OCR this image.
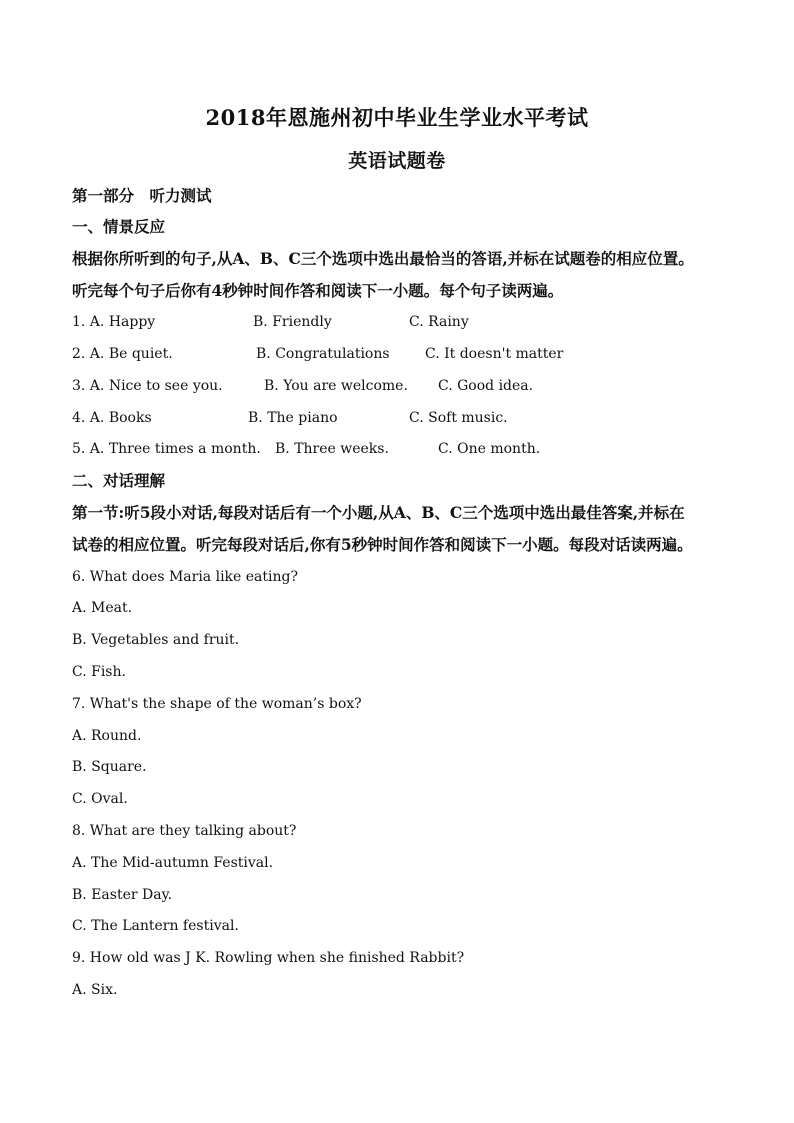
2018年恩施州初中毕业生学业水平考试
英语试题卷
第一部分　听力测试
一、情景反应
根据你所听到的句子,从A、B、C三个选项中选出最恰当的答语,并标在试题卷的相应位置。
听完每个句子后你有4秒钟时间作答和阅读下一小题。每个句子读两遍。
1. A. Happy	B. Friendly	C. Rainy
2. A. Be quiet.	B. Congratulations	C. It doesn't matter
3. A. Nice to see you.	B. You are welcome. C. Good idea.
4. A. Books	B. The piano	C. Soft music.
5. A. Three times a month. B. Three weeks.	C. One month.
二、对话理解
第一节:听5段小对话,每段对话后有一个小题,从A、B、C三个选项中选出最佳答案,并标在
试卷的相应位置。听完每段对话后,你有5秒钟时间作答和阅读下一小题。每段对话读两遍。
6. What does Maria like eating?
A. Meat.
B. Vegetables and fruit.
C. Fish.
7. What's the shape of the woman’s box?
A. Round.
B. Square.
C. Oval.
8. What are they talking about?
A. The Mid-autumn Festival.
B. Easter Day.
C. The Lantern festival.
9. How old was J K. Rowling when she finished Rabbit?
A. Six.
